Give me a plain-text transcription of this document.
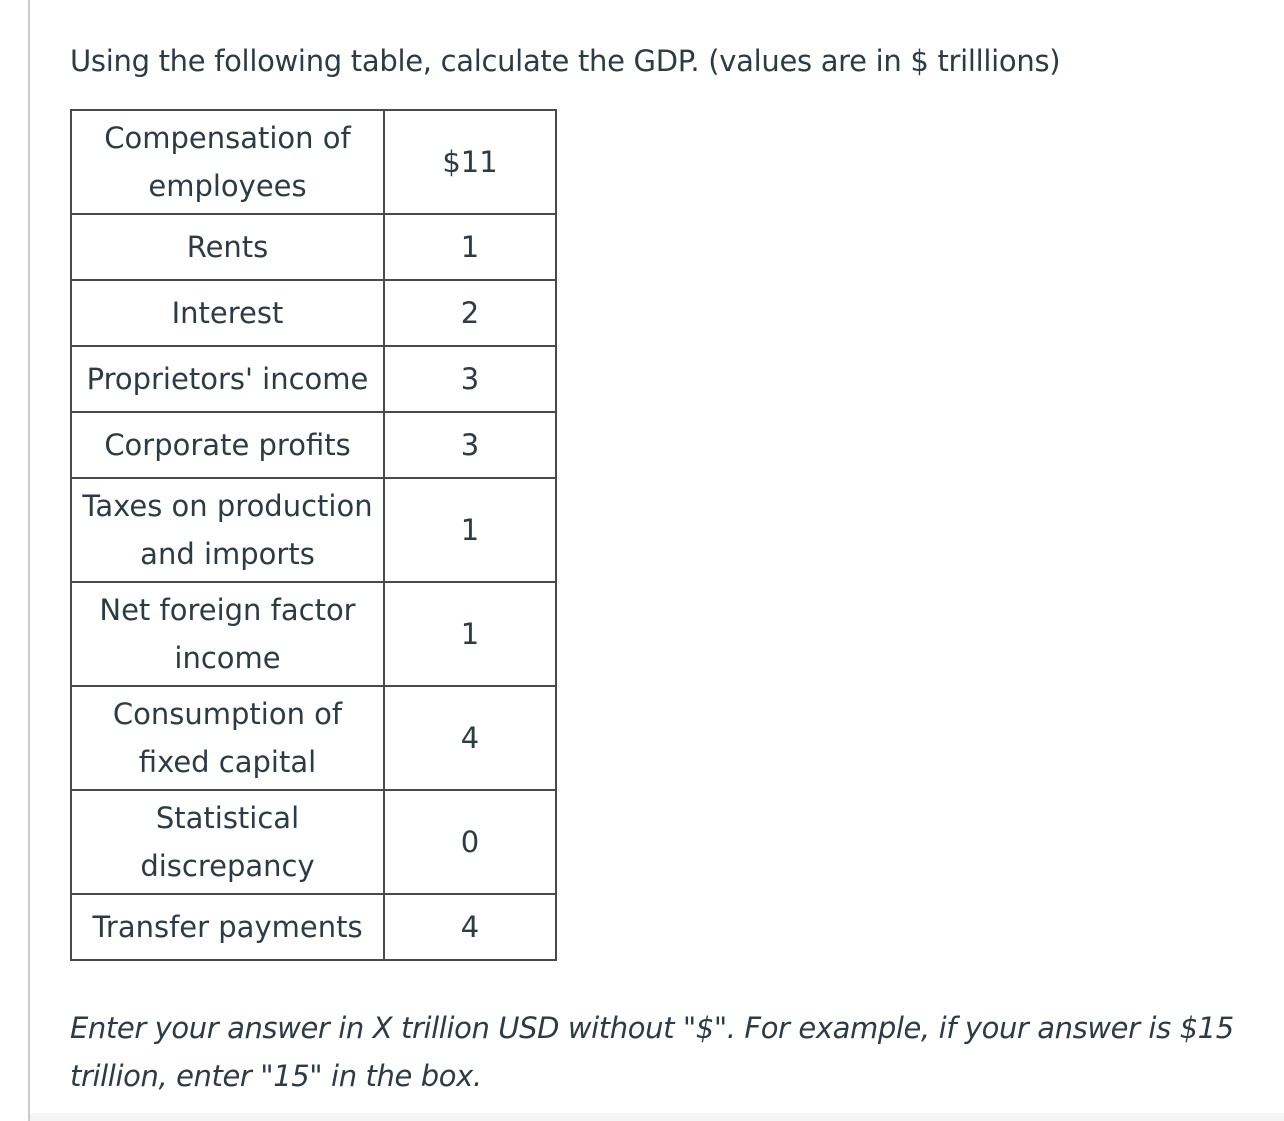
Using the following table, calculate the GDP. (values are in $ trilllions)

Compensation of employees	$11
Rents	1
Interest	2
Proprietors' income	3
Corporate profits	3
Taxes on production and imports	1
Net foreign factor income	1
Consumption of fixed capital	4
Statistical discrepancy	0
Transfer payments	4

Enter your answer in X trillion USD without "$". For example, if your answer is $15 trillion, enter "15" in the box.
